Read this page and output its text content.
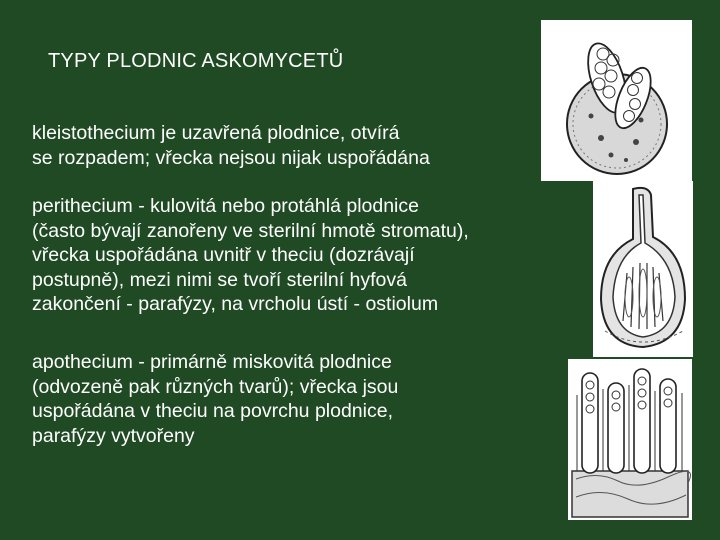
TYPY PLODNIC ASKOMYCETŮ
kleistothecium je uzavřená plodnice, otvírá
se rozpadem; vřecka nejsou nijak uspořádána
perithecium - kulovitá nebo protáhlá plodnice
(často bývají zanořeny ve sterilní hmotě stromatu),
vřecka uspořádána uvnitř v theciu (dozrávají
postupně), mezi nimi se tvoří sterilní hyfová
zakončení - parafýzy, na vrcholu ústí - ostiolum
apothecium - primárně miskovitá plodnice
(odvozeně pak různých tvarů); vřecka jsou
uspořádána v theciu na povrchu plodnice,
parafýzy vytvořeny
